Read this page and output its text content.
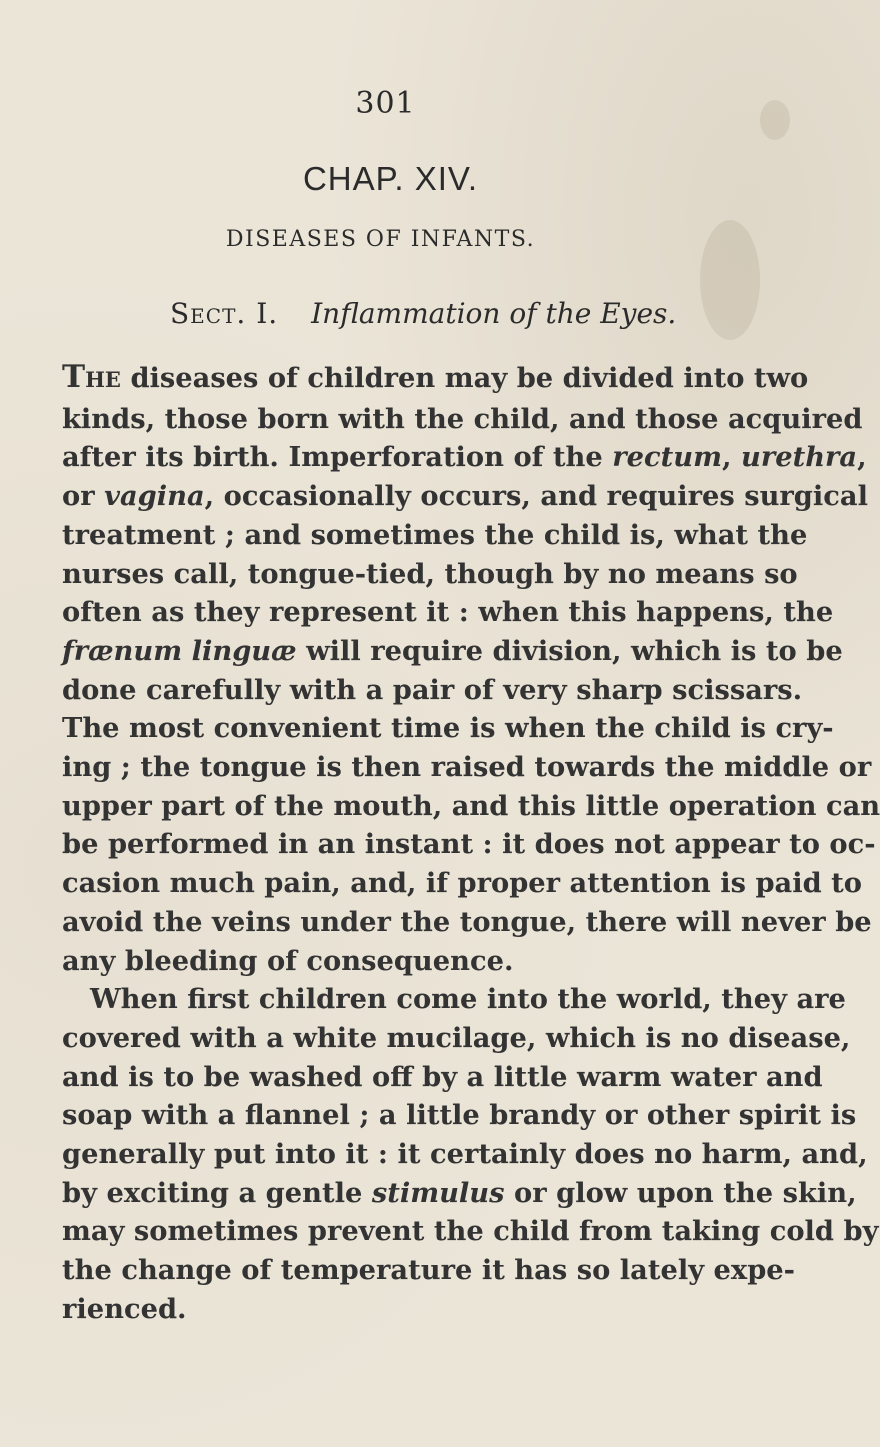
301
CHAP. XIV.
DISEASES OF INFANTS.
Sect. I. Inflammation of the Eyes.
THE diseases of children may be divided into two
kinds, those born with the child, and those acquired
after its birth. Imperforation of the rectum, urethra,
or vagina, occasionally occurs, and requires surgical
treatment ; and sometimes the child is, what the
nurses call, tongue-tied, though by no means so
often as they represent it : when this happens, the
frænum linguæ will require division, which is to be
done carefully with a pair of very sharp scissars.
The most convenient time is when the child is cry-
ing ; the tongue is then raised towards the middle or
upper part of the mouth, and this little operation can
be performed in an instant : it does not appear to oc-
casion much pain, and, if proper attention is paid to
avoid the veins under the tongue, there will never be
any bleeding of consequence.
When first children come into the world, they are
covered with a white mucilage, which is no disease,
and is to be washed off by a little warm water and
soap with a flannel ; a little brandy or other spirit is
generally put into it : it certainly does no harm, and,
by exciting a gentle stimulus or glow upon the skin,
may sometimes prevent the child from taking cold by
the change of temperature it has so lately expe-
rienced.
